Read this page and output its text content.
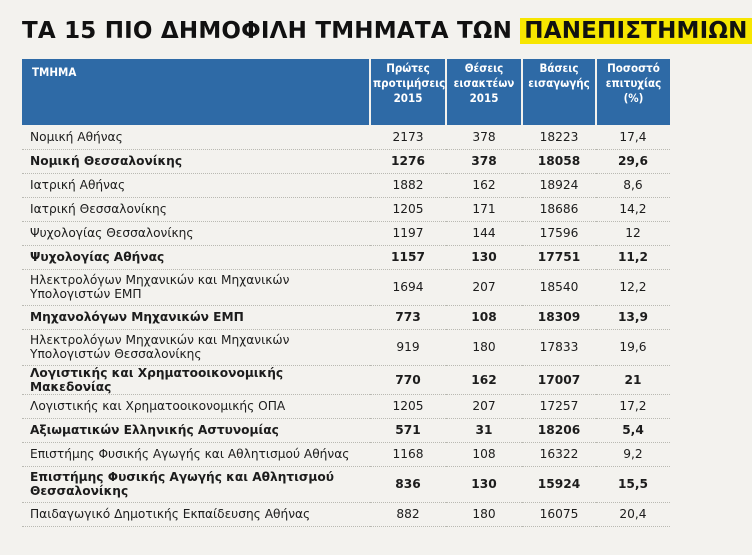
ΤΑ 15 ΠΙΟ ΔΗΜΟΦΙΛΗ ΤΜΗΜΑΤΑ ΤΩΝ ΠΑΝΕΠΙΣΤΗΜΙΩΝ
ΤΜΗΜΑ	Πρώτες
προτιμήσεις
2015	Θέσεις
εισακτέων
2015	Βάσεις
εισαγωγής	Ποσοστό
επιτυχίας
(%)

Νομική Αθήνας	2173	378	18223	17,4
Νομική Θεσσαλονίκης	1276	378	18058	29,6
Ιατρική Αθήνας	1882	162	18924	8,6
Ιατρική Θεσσαλονίκης	1205	171	18686	14,2
Ψυχολογίας Θεσσαλονίκης	1197	144	17596	12
Ψυχολογίας Αθήνας	1157	130	17751	11,2
Ηλεκτρολόγων Μηχανικών και Μηχανικών Υπολογιστών ΕΜΠ	1694	207	18540	12,2
Μηχανολόγων Μηχανικών ΕΜΠ	773	108	18309	13,9
Ηλεκτρολόγων Μηχανικών και Μηχανικών Υπολογιστών Θεσσαλονίκης	919	180	17833	19,6
Λογιστικής και Χρηματοοικονομικής Μακεδονίας	770	162	17007	21
Λογιστικής και Χρηματοοικονομικής ΟΠΑ	1205	207	17257	17,2
Αξιωματικών Ελληνικής Αστυνομίας	571	31	18206	5,4
Επιστήμης Φυσικής Αγωγής και Αθλητισμού Αθήνας	1168	108	16322	9,2
Επιστήμης Φυσικής Αγωγής και Αθλητισμού Θεσσαλονίκης	836	130	15924	15,5
Παιδαγωγικό Δημοτικής Εκπαίδευσης Αθήνας	882	180	16075	20,4
